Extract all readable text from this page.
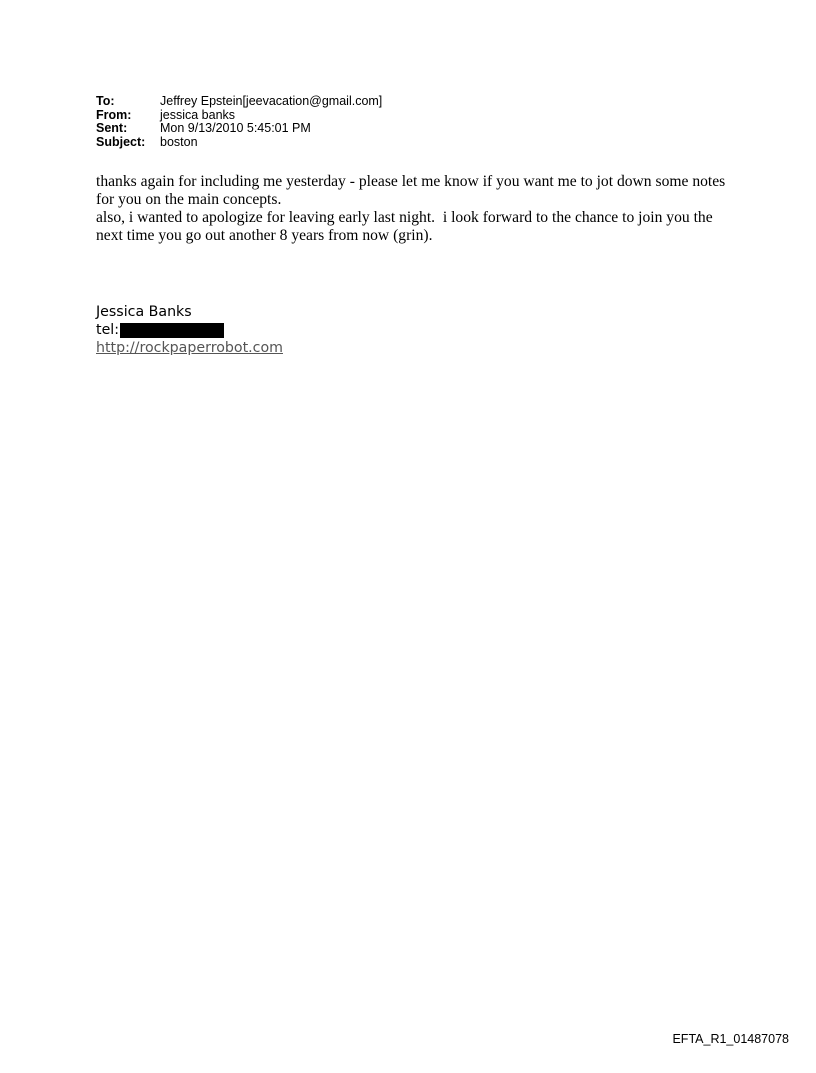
To:	Jeffrey Epstein[jeevacation@gmail.com]
From:	jessica banks
Sent:	Mon 9/13/2010 5:45:01 PM
Subject:	boston

thanks again for including me yesterday - please let me know if you want me to jot down some notes for you on the main concepts.

also, i wanted to apologize for leaving early last night.  i look forward to the chance to join you the next time you go out another 8 years from now (grin).

Jessica Banks
tel:
http://rockpaperrobot.com
EFTA_R1_01487078
